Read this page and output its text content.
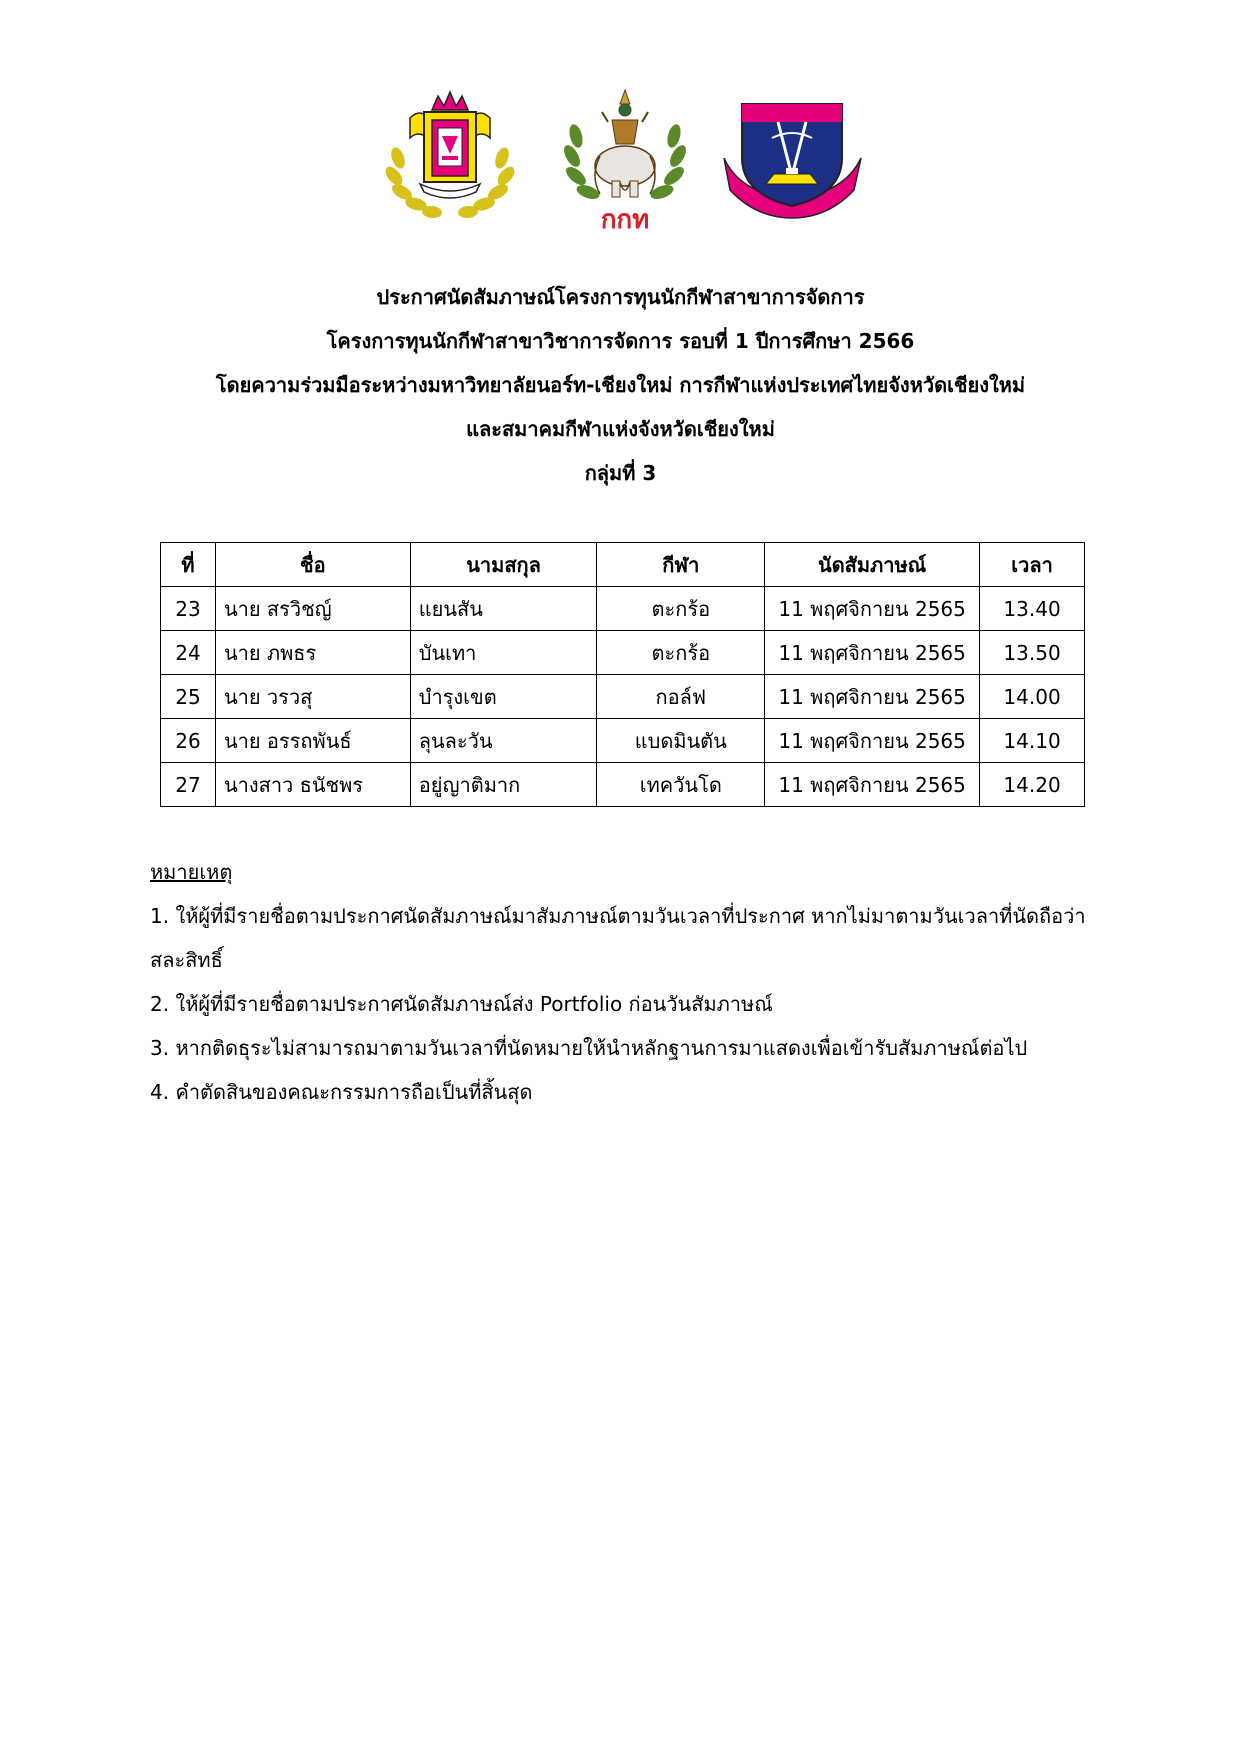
กกท
ประกาศนัดสัมภาษณ์โครงการทุนนักกีฬาสาขาการจัดการ
โครงการทุนนักกีฬาสาขาวิชาการจัดการ รอบที่ 1 ปีการศึกษา 2566
โดยความร่วมมือระหว่างมหาวิทยาลัยนอร์ท-เชียงใหม่ การกีฬาแห่งประเทศไทยจังหวัดเชียงใหม่
และสมาคมกีฬาแห่งจังหวัดเชียงใหม่
กลุ่มที่ 3
ที่	ชื่อ	นามสกุล	กีฬา	นัดสัมภาษณ์	เวลา
23	นาย สรวิชญ์	แยนสัน	ตะกร้อ	11 พฤศจิกายน 2565	13.40
24	นาย ภพธร	บันเทา	ตะกร้อ	11 พฤศจิกายน 2565	13.50
25	นาย วรวสุ	บำรุงเขต	กอล์ฟ	11 พฤศจิกายน 2565	14.00
26	นาย อรรถพันธ์	ลุนละวัน	แบดมินตัน	11 พฤศจิกายน 2565	14.10
27	นางสาว ธนัชพร	อยู่ญาติมาก	เทควันโด	11 พฤศจิกายน 2565	14.20
หมายเหตุ
1. ให้ผู้ที่มีรายชื่อตามประกาศนัดสัมภาษณ์มาสัมภาษณ์ตามวันเวลาที่ประกาศ หากไม่มาตามวันเวลาที่นัดถือว่าสละสิทธิ์
2. ให้ผู้ที่มีรายชื่อตามประกาศนัดสัมภาษณ์ส่ง Portfolio ก่อนวันสัมภาษณ์
3. หากติดธุระไม่สามารถมาตามวันเวลาที่นัดหมายให้นำหลักฐานการมาแสดงเพื่อเข้ารับสัมภาษณ์ต่อไป
4. คำตัดสินของคณะกรรมการถือเป็นที่สิ้นสุด
